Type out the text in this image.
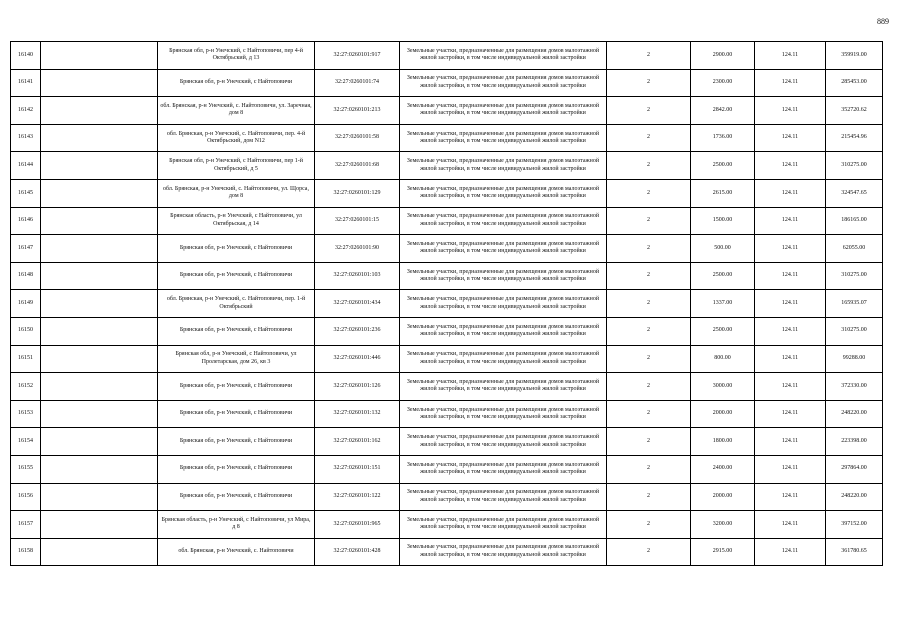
889
16140		Брянская обл, р-н Унечский, с Найтоповичи, пер 4-й Октябрьский, д 13	32:27:0260101:917	Земельные участки, предназначенные для размещения домов малоэтажной жилой застройки, в том числе индивидуальной жилой застройки	2	2900.00	124.11	359919.00
16141		Брянская обл, р-н Унечский, с Найтоповичи	32:27:0260101:74	Земельные участки, предназначенные для размещения домов малоэтажной жилой застройки, в том числе индивидуальной жилой застройки	2	2300.00	124.11	285453.00
16142		обл. Брянская, р-н Унечский, с. Найтоповичи, ул. Заречная, дом 8	32:27:0260101:213	Земельные участки, предназначенные для размещения домов малоэтажной жилой застройки, в том числе индивидуальной жилой застройки	2	2842.00	124.11	352720.62
16143		обл. Брянская, р-н Унечский, с. Найтоповичи, пер. 4-й Октябрьский, дом N12	32:27:0260101:58	Земельные участки, предназначенные для размещения домов малоэтажной жилой застройки, в том числе индивидуальной жилой застройки	2	1736.00	124.11	215454.96
16144		Брянская обл, р-н Унечский, с Найтоповичи, пер 1-й Октябрьский, д 5	32:27:0260101:68	Земельные участки, предназначенные для размещения домов малоэтажной жилой застройки, в том числе индивидуальной жилой застройки	2	2500.00	124.11	310275.00
16145		обл. Брянская, р-н Унечский, с. Найтоповичи, ул. Щорса, дом 8	32:27:0260101:129	Земельные участки, предназначенные для размещения домов малоэтажной жилой застройки, в том числе индивидуальной жилой застройки	2	2615.00	124.11	324547.65
16146		Брянская область, р-н Унечский, с Найтоповичи, ул Октябрьская, д 14	32:27:0260101:15	Земельные участки, предназначенные для размещения домов малоэтажной жилой застройки, в том числе индивидуальной жилой застройки	2	1500.00	124.11	186165.00
16147		Брянская обл, р-н Унечский, с Найтоповичи	32:27:0260101:90	Земельные участки, предназначенные для размещения домов малоэтажной жилой застройки, в том числе индивидуальной жилой застройки	2	500.00	124.11	62055.00
16148		Брянская обл, р-н Унечский, с Найтоповичи	32:27:0260101:103	Земельные участки, предназначенные для размещения домов малоэтажной жилой застройки, в том числе индивидуальной жилой застройки	2	2500.00	124.11	310275.00
16149		обл. Брянская, р-н Унечский, с. Найтоповичи, пер. 1-й Октябрьский	32:27:0260101:434	Земельные участки, предназначенные для размещения домов малоэтажной жилой застройки, в том числе индивидуальной жилой застройки	2	1337.00	124.11	165935.07
16150		Брянская обл, р-н Унечский, с Найтоповичи	32:27:0260101:236	Земельные участки, предназначенные для размещения домов малоэтажной жилой застройки, в том числе индивидуальной жилой застройки	2	2500.00	124.11	310275.00
16151		Брянская обл, р-н Унечский, с Найтоповичи, ул Пролетарская, дом 26, кв 3	32:27:0260101:446	Земельные участки, предназначенные для размещения домов малоэтажной жилой застройки, в том числе индивидуальной жилой застройки	2	800.00	124.11	99288.00
16152		Брянская обл, р-н Унечский, с Найтоповичи	32:27:0260101:126	Земельные участки, предназначенные для размещения домов малоэтажной жилой застройки, в том числе индивидуальной жилой застройки	2	3000.00	124.11	372330.00
16153		Брянская обл, р-н Унечский, с Найтоповичи	32:27:0260101:132	Земельные участки, предназначенные для размещения домов малоэтажной жилой застройки, в том числе индивидуальной жилой застройки	2	2000.00	124.11	248220.00
16154		Брянская обл, р-н Унечский, с Найтоповичи	32:27:0260101:162	Земельные участки, предназначенные для размещения домов малоэтажной жилой застройки, в том числе индивидуальной жилой застройки	2	1800.00	124.11	223398.00
16155		Брянская обл, р-н Унечский, с Найтоповичи	32:27:0260101:151	Земельные участки, предназначенные для размещения домов малоэтажной жилой застройки, в том числе индивидуальной жилой застройки	2	2400.00	124.11	297864.00
16156		Брянская обл, р-н Унечский, с Найтоповичи	32:27:0260101:122	Земельные участки, предназначенные для размещения домов малоэтажной жилой застройки, в том числе индивидуальной жилой застройки	2	2000.00	124.11	248220.00
16157		Брянская область, р-н Унечский, с Найтоповичи, ул Мира, д 8	32:27:0260101:965	Земельные участки, предназначенные для размещения домов малоэтажной жилой застройки, в том числе индивидуальной жилой застройки	2	3200.00	124.11	397152.00
16158		обл. Брянская, р-н Унечский, с. Найтоповичи	32:27:0260101:428	Земельные участки, предназначенные для размещения домов малоэтажной жилой застройки, в том числе индивидуальной жилой застройки	2	2915.00	124.11	361780.65
